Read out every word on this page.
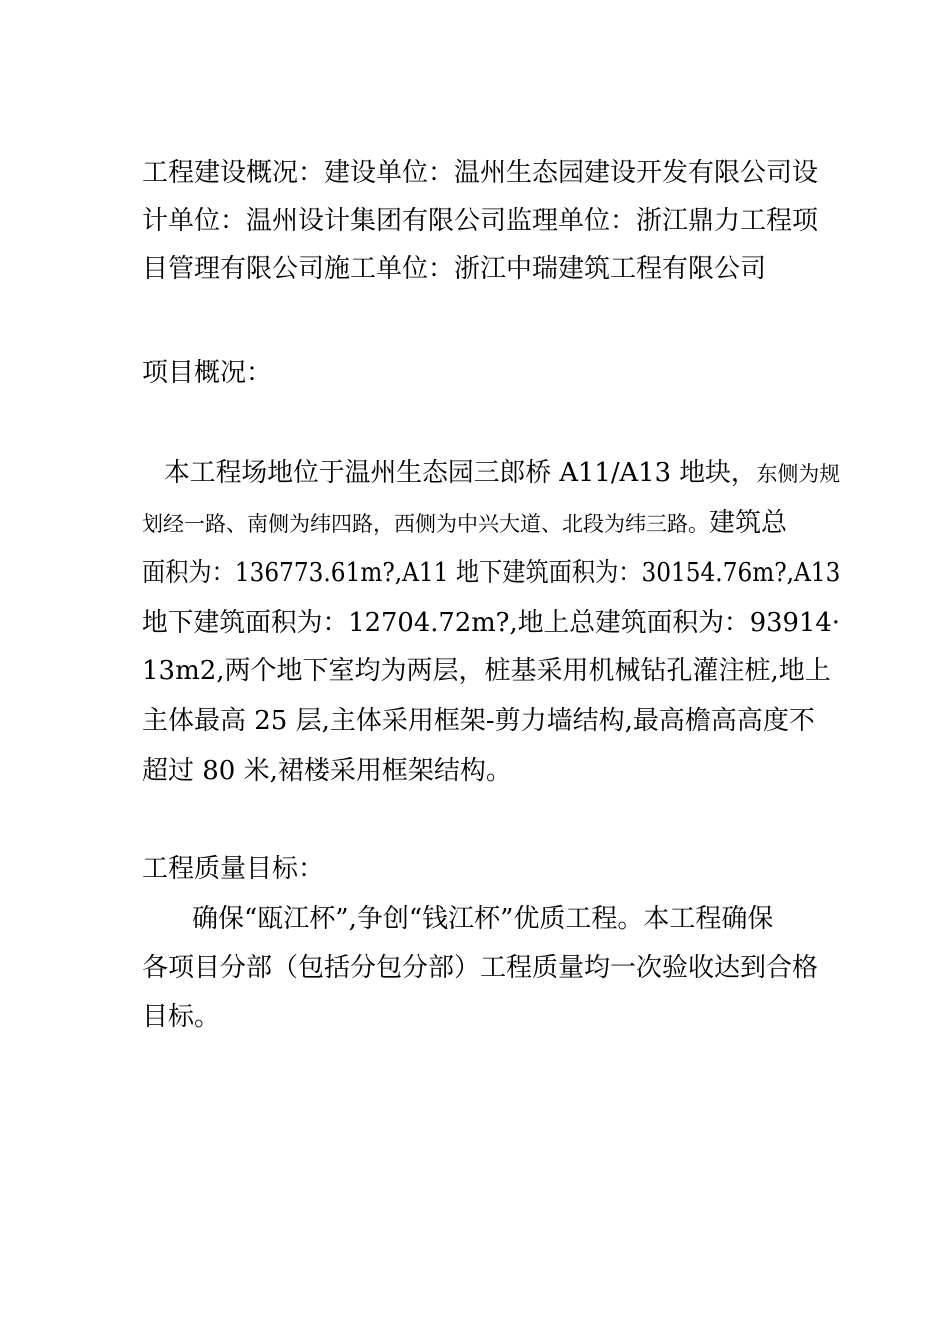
工程建设概况：建设单位：温州生态园建设开发有限公司设
计单位：温州设计集团有限公司监理单位：浙江鼎力工程项
目管理有限公司施工单位：浙江中瑞建筑工程有限公司
项目概况：
本工程场地位于温州生态园三郎桥 A11/A13 地块，东侧为规
划经一路、南侧为纬四路，西侧为中兴大道、北段为纬三路。建筑总
面积为：136773.61m?,A11 地下建筑面积为：30154.76m?,A13
地下建筑面积为：12704.72m?,地上总建筑面积为：93914·
13m2,两个地下室均为两层，桩基采用机械钻孔灌注桩,地上
主体最高 25 层,主体采用框架-剪力墙结构,最高檐高高度不
超过 80 米,裙楼采用框架结构。
工程质量目标：
确保“瓯江杯”,争创“钱江杯”优质工程。本工程确保
各项目分部（包括分包分部）工程质量均一次验收达到合格
目标。
